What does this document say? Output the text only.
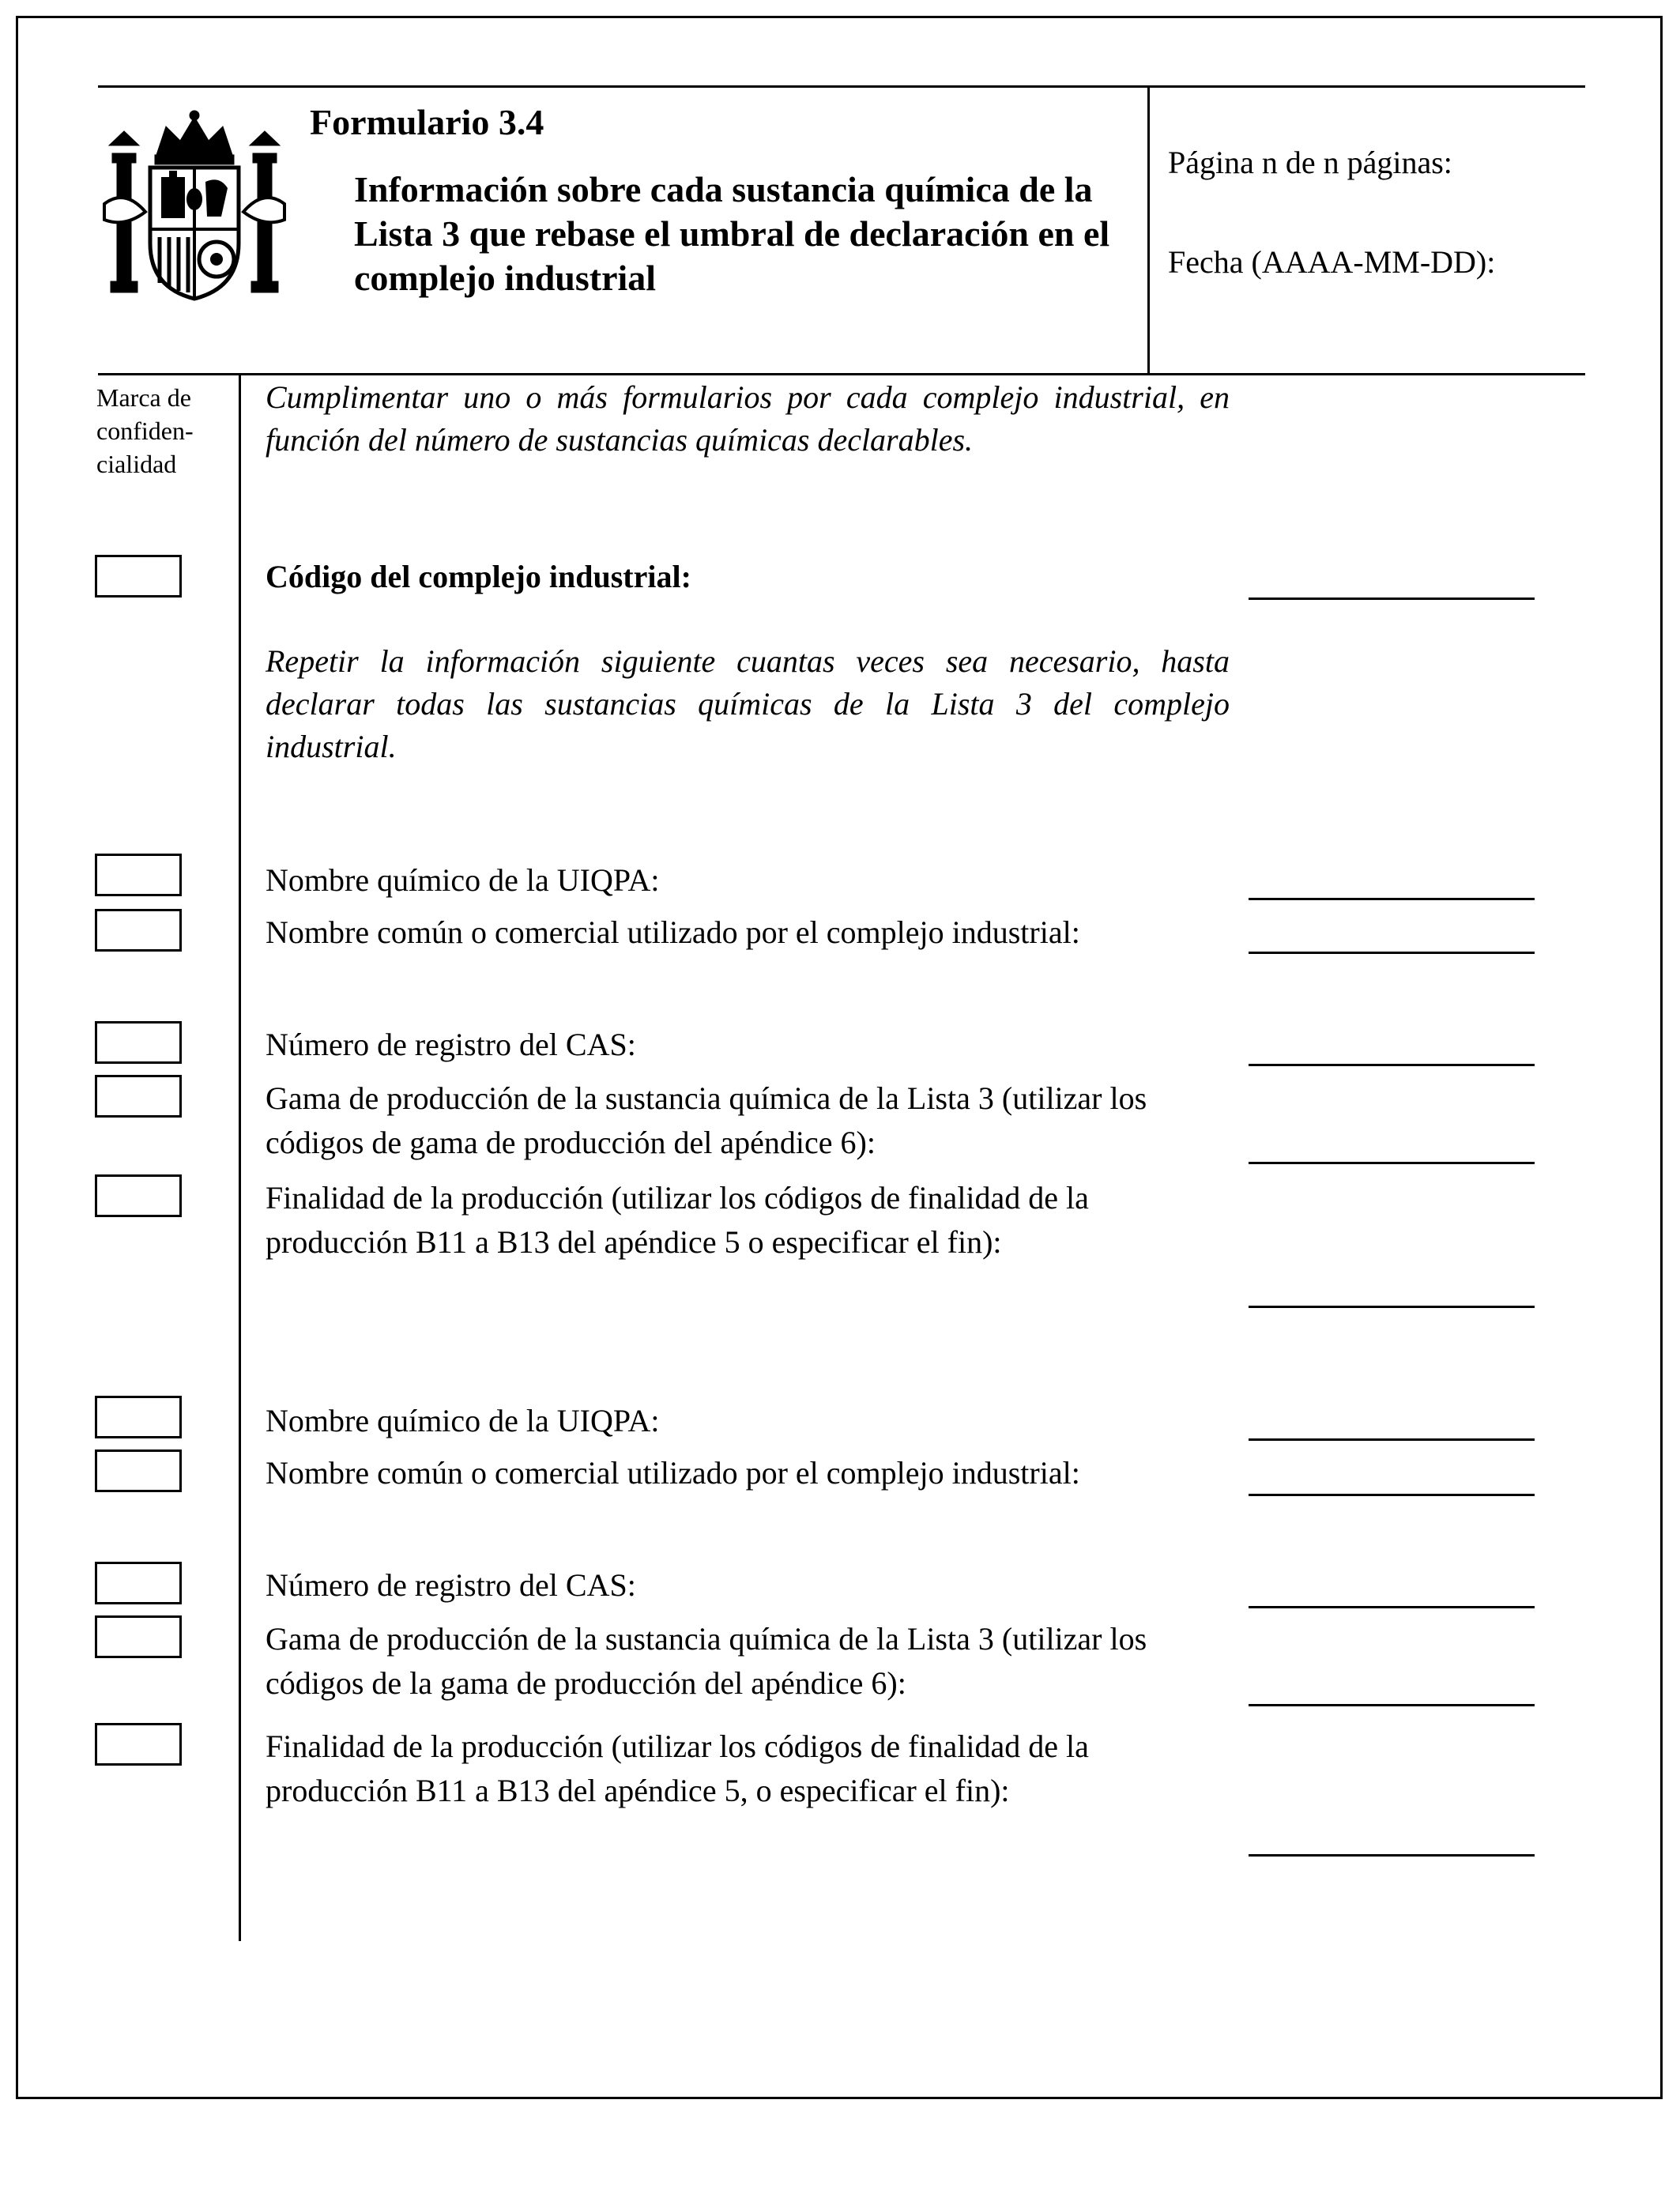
Formulario 3.4
Información sobre cada sustancia química de la Lista 3 que rebase el umbral de declaración en el complejo industrial
Página n de n páginas:
Fecha (AAAA-MM-DD):
Marca de confiden-cialidad
Cumplimentar uno o más formularios por cada complejo industrial, en función del número de sustancias químicas declarables.
Código del complejo industrial:
Repetir la información siguiente cuantas veces sea necesario, hasta declarar todas las sustancias químicas de la Lista 3 del complejo industrial.
Nombre químico de la UIQPA:
Nombre común o comercial utilizado por el complejo industrial:
Número de registro del CAS:
Gama de producción de la sustancia química de la Lista 3 (utilizar los códigos de gama de producción del apéndice 6):
Finalidad de la producción (utilizar los códigos de finalidad de la producción B11 a B13 del apéndice 5 o especificar el fin):
Nombre químico de la UIQPA:
Nombre común o comercial utilizado por el complejo industrial:
Número de registro del CAS:
Gama de producción de la sustancia química de la Lista 3 (utilizar los códigos de la gama de producción del apéndice 6):
Finalidad de la producción (utilizar los códigos de finalidad de la producción B11 a B13 del apéndice 5, o especificar el fin):
